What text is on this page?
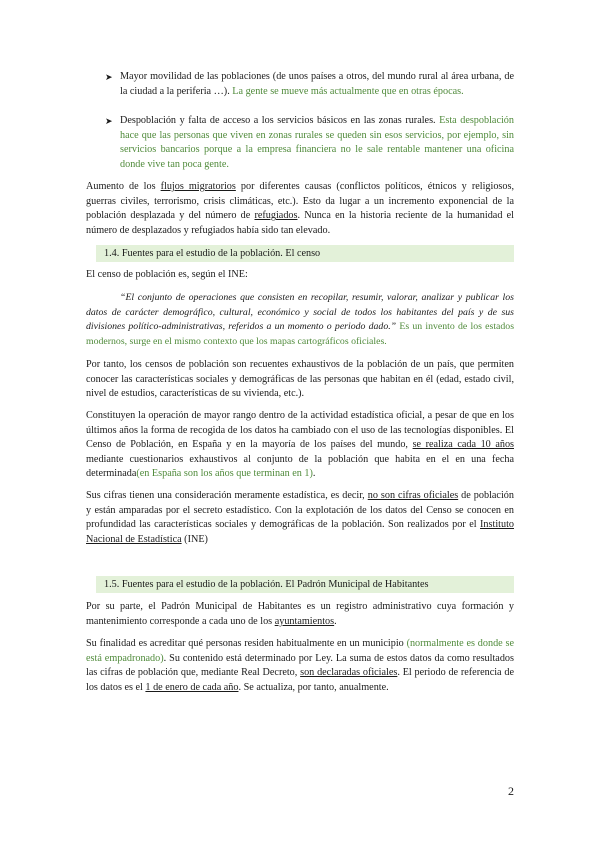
➤ Mayor movilidad de las poblaciones (de unos países a otros, del mundo rural al área urbana, de la ciudad a la periferia …). La gente se mueve más actualmente que en otras épocas.

➤ Despoblación y falta de acceso a los servicios básicos en las zonas rurales. Esta despoblación hace que las personas que viven en zonas rurales se queden sin esos servicios, por ejemplo, sin servicios bancarios porque a la empresa financiera no le sale rentable mantener una oficina donde vive tan poca gente.

Aumento de los flujos migratorios por diferentes causas (conflictos políticos, étnicos y religiosos, guerras civiles, terrorismo, crisis climáticas, etc.). Esto da lugar a un incremento exponencial de la población desplazada y del número de refugiados. Nunca en la historia reciente de la humanidad el número de desplazados y refugiados había sido tan elevado.

1.4. Fuentes para el estudio de la población. El censo

El censo de población es, según el INE:

“El conjunto de operaciones que consisten en recopilar, resumir, valorar, analizar y publicar los datos de carácter demográfico, cultural, económico y social de todos los habitantes del país y de sus divisiones político-administrativas, referidos a un momento o periodo dado.” Es un invento de los estados modernos, surge en el mismo contexto que los mapas cartográficos oficiales.

Por tanto, los censos de población son recuentes exhaustivos de la población de un país, que permiten conocer las características sociales y demográficas de las personas que habitan en él (edad, estado civil, nivel de estudios, características de su vivienda, etc.).

Constituyen la operación de mayor rango dentro de la actividad estadística oficial, a pesar de que en los últimos años la forma de recogida de los datos ha cambiado con el uso de las tecnologías disponibles. El Censo de Población, en España y en la mayoría de los países del mundo, se realiza cada 10 años mediante cuestionarios exhaustivos al conjunto de la población que habita en el en una fecha determinada(en España son los años que terminan en 1).

Sus cifras tienen una consideración meramente estadística, es decir, no son cifras oficiales de población y están amparadas por el secreto estadístico. Con la explotación de los datos del Censo se conocen en profundidad las características sociales y demográficas de la población. Son realizados por el Instituto Nacional de Estadística (INE)

1.5. Fuentes para el estudio de la población. El Padrón Municipal de Habitantes

Por su parte, el Padrón Municipal de Habitantes es un registro administrativo cuya formación y mantenimiento corresponde a cada uno de los ayuntamientos.

Su finalidad es acreditar qué personas residen habitualmente en un municipio (normalmente es donde se está empadronado). Su contenido está determinado por Ley. La suma de estos datos da como resultados las cifras de población que, mediante Real Decreto, son declaradas oficiales. El periodo de referencia de los datos es el 1 de enero de cada año. Se actualiza, por tanto, anualmente.

2
